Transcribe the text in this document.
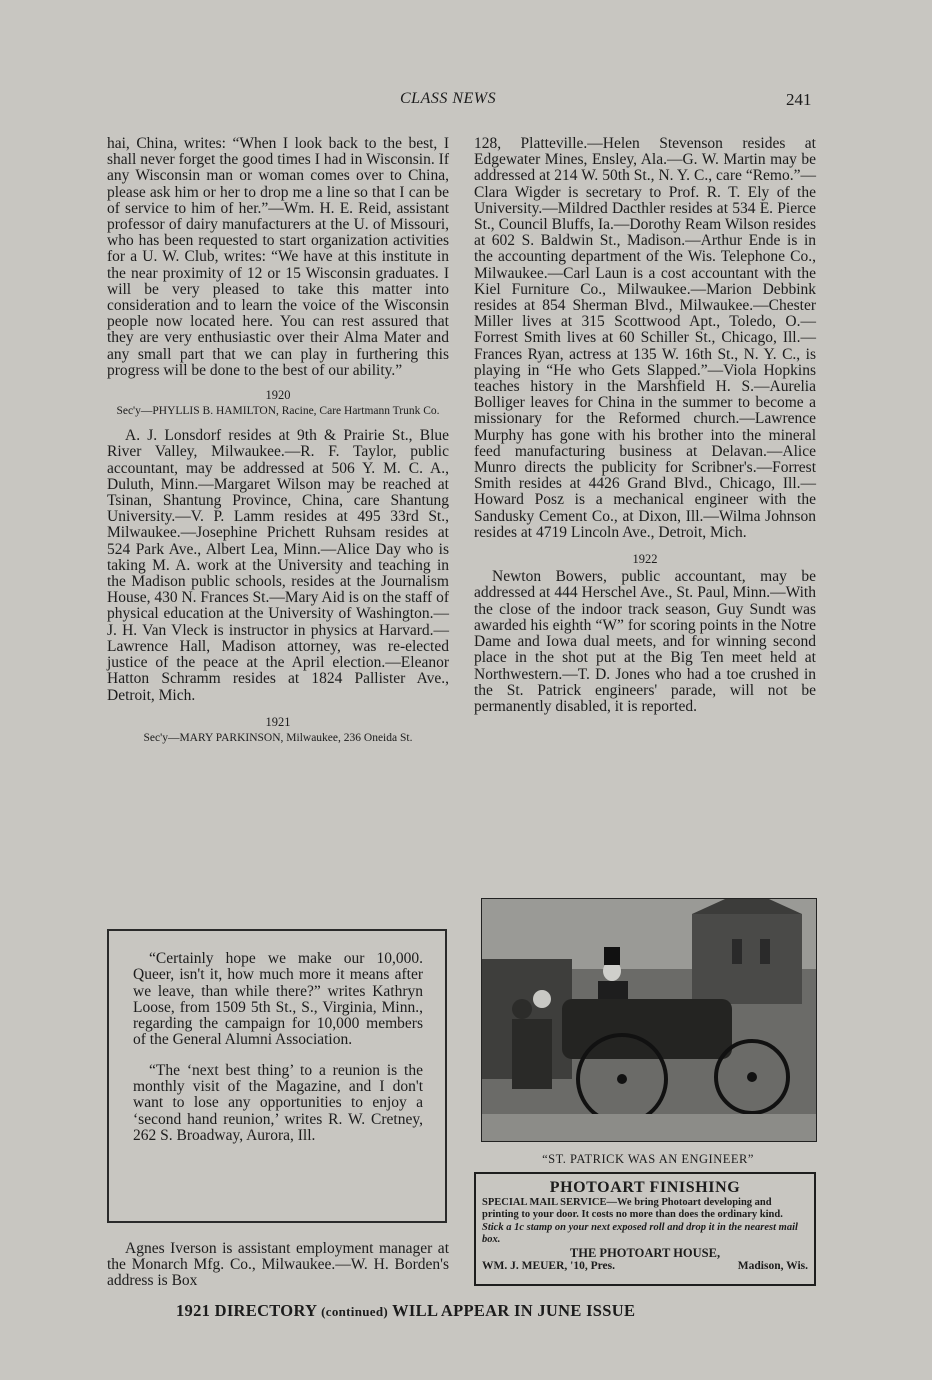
CLASS NEWS	241

hai, China, writes: “When I look back to the best, I shall never forget the good times I had in Wisconsin. If any Wisconsin man or woman comes over to China, please ask him or her to drop me a line so that I can be of service to him of her.”—Wm. H. E. Reid, assistant professor of dairy manufacturers at the U. of Missouri, who has been requested to start organization activities for a U. W. Club, writes: “We have at this institute in the near proximity of 12 or 15 Wisconsin graduates. I will be very pleased to take this matter into consideration and to learn the voice of the Wisconsin people now located here. You can rest assured that they are very enthusiastic over their Alma Mater and any small part that we can play in furthering this progress will be done to the best of our ability.”

1920
Sec'y—PHYLLIS B. HAMILTON, Racine, Care Hartmann Trunk Co.

A. J. Lonsdorf resides at 9th & Prairie St., Blue River Valley, Milwaukee.—R. F. Taylor, public accountant, may be addressed at 506 Y. M. C. A., Duluth, Minn.—Margaret Wilson may be reached at Tsinan, Shantung Province, China, care Shantung University.—V. P. Lamm resides at 495 33rd St., Milwaukee.—Josephine Prichett Ruhsam resides at 524 Park Ave., Albert Lea, Minn.—Alice Day who is taking M. A. work at the University and teaching in the Madison public schools, resides at the Journalism House, 430 N. Frances St.—Mary Aid is on the staff of physical education at the University of Washington.—J. H. Van Vleck is instructor in physics at Harvard.—Lawrence Hall, Madison attorney, was re-elected justice of the peace at the April election.—Eleanor Hatton Schramm resides at 1824 Pallister Ave., Detroit, Mich.

1921
Sec'y—MARY PARKINSON, Milwaukee, 236 Oneida St.

“Certainly hope we make our 10,000. Queer, isn't it, how much more it means after we leave, than while there?” writes Kathryn Loose, from 1509 5th St., S., Virginia, Minn., regarding the campaign for 10,000 members of the General Alumni Association.

“The ‘next best thing’ to a reunion is the monthly visit of the Magazine, and I don't want to lose any opportunities to enjoy a ‘second hand reunion,’ writes R. W. Cretney, 262 S. Broadway, Aurora, Ill.

Agnes Iverson is assistant employment manager at the Monarch Mfg. Co., Milwaukee.—W. H. Borden's address is Box

128, Platteville.—Helen Stevenson resides at Edgewater Mines, Ensley, Ala.—G. W. Martin may be addressed at 214 W. 50th St., N. Y. C., care “Remo.”—Clara Wigder is secretary to Prof. R. T. Ely of the University.—Mildred Dacthler resides at 534 E. Pierce St., Council Bluffs, Ia.—Dorothy Ream Wilson resides at 602 S. Baldwin St., Madison.—Arthur Ende is in the accounting department of the Wis. Telephone Co., Milwaukee.—Carl Laun is a cost accountant with the Kiel Furniture Co., Milwaukee.—Marion Debbink resides at 854 Sherman Blvd., Milwaukee.—Chester Miller lives at 315 Scottwood Apt., Toledo, O.—Forrest Smith lives at 60 Schiller St., Chicago, Ill.—Frances Ryan, actress at 135 W. 16th St., N. Y. C., is playing in “He who Gets Slapped.”—Viola Hopkins teaches history in the Marshfield H. S.—Aurelia Bolliger leaves for China in the summer to become a missionary for the Reformed church.—Lawrence Murphy has gone with his brother into the mineral feed manufacturing business at Delavan.—Alice Munro directs the publicity for Scribner's.—Forrest Smith resides at 4426 Grand Blvd., Chicago, Ill.—Howard Posz is a mechanical engineer with the Sandusky Cement Co., at Dixon, Ill.—Wilma Johnson resides at 4719 Lincoln Ave., Detroit, Mich.

1922

Newton Bowers, public accountant, may be addressed at 444 Herschel Ave., St. Paul, Minn.—With the close of the indoor track season, Guy Sundt was awarded his eighth “W” for scoring points in the Notre Dame and Iowa dual meets, and for winning second place in the shot put at the Big Ten meet held at Northwestern.—T. D. Jones who had a toe crushed in the St. Patrick engineers' parade, will not be permanently disabled, it is reported.

“ST. PATRICK WAS AN ENGINEER”
PHOTOART FINISHING
SPECIAL MAIL SERVICE—We bring Photoart developing and printing to your door. It costs no more than does the ordinary kind.
Stick a 1c stamp on your next exposed roll and drop it in the nearest mail box.
THE PHOTOART HOUSE,
WM. J. MEUER, '10, Pres.	Madison, Wis.
1921 DIRECTORY (continued) WILL APPEAR IN JUNE ISSUE
